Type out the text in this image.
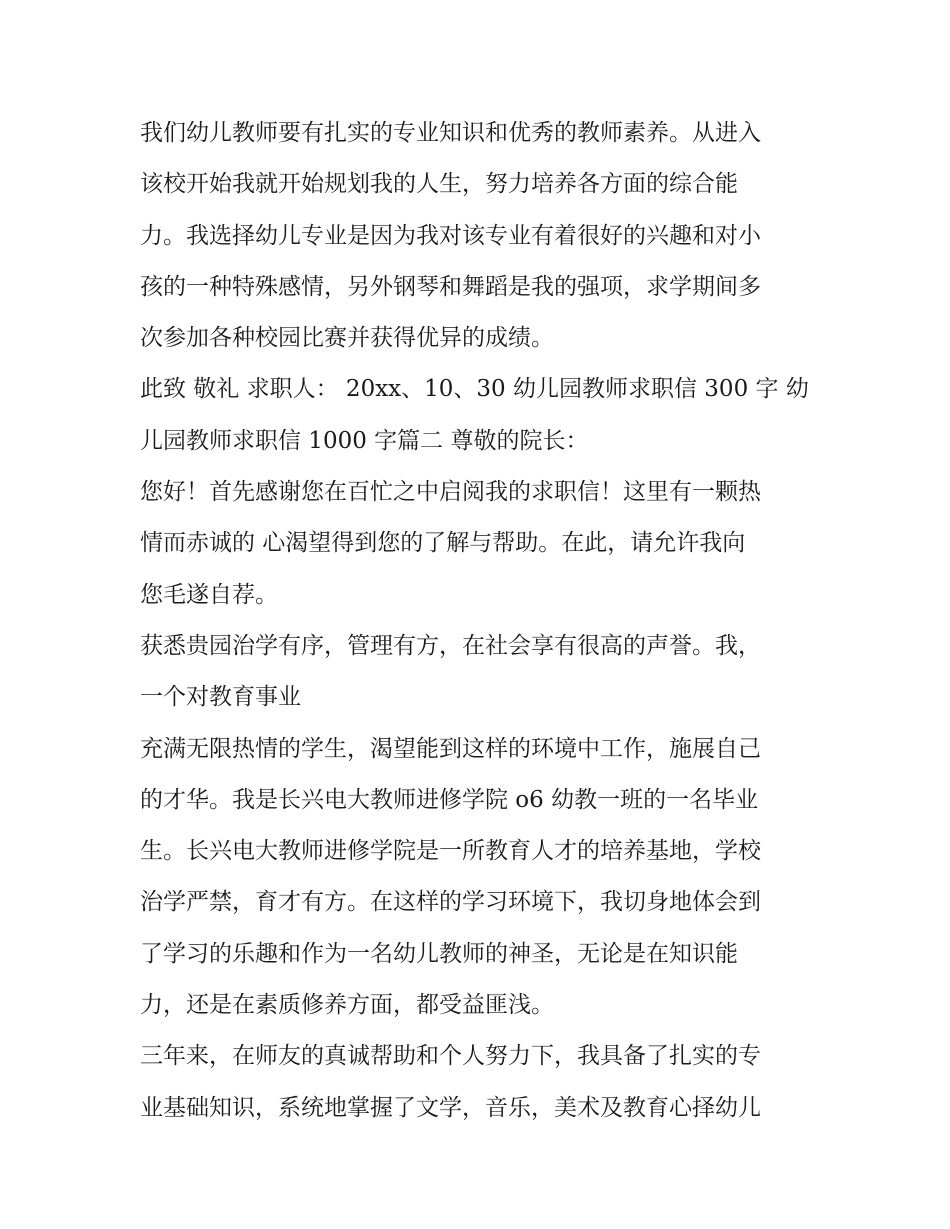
我们幼儿教师要有扎实的专业知识和优秀的教师素养。从进入
该校开始我就开始规划我的人生，努力培养各方面的综合能
力。我选择幼儿专业是因为我对该专业有着很好的兴趣和对小
孩的一种特殊感情，另外钢琴和舞蹈是我的强项，求学期间多
次参加各种校园比赛并获得优异的成绩。
此致 敬礼 求职人： 20xx、10、30 幼儿园教师求职信 300 字 幼
儿园教师求职信 1000 字篇二 尊敬的院长：
您好！首先感谢您在百忙之中启阅我的求职信！这里有一颗热
情而赤诚的 心渴望得到您的了解与帮助。在此，请允许我向
您毛遂自荐。
获悉贵园治学有序，管理有方，在社会享有很高的声誉。我，
一个对教育事业
充满无限热情的学生，渴望能到这样的环境中工作，施展自己
的才华。我是长兴电大教师进修学院 o6 幼教一班的一名毕业
生。长兴电大教师进修学院是一所教育人才的培养基地，学校
治学严禁，育才有方。在这样的学习环境下，我切身地体会到
了学习的乐趣和作为一名幼儿教师的神圣，无论是在知识能
力，还是在素质修养方面，都受益匪浅。
三年来，在师友的真诚帮助和个人努力下，我具备了扎实的专
业基础知识，系统地掌握了文学，音乐，美术及教育心择幼儿
